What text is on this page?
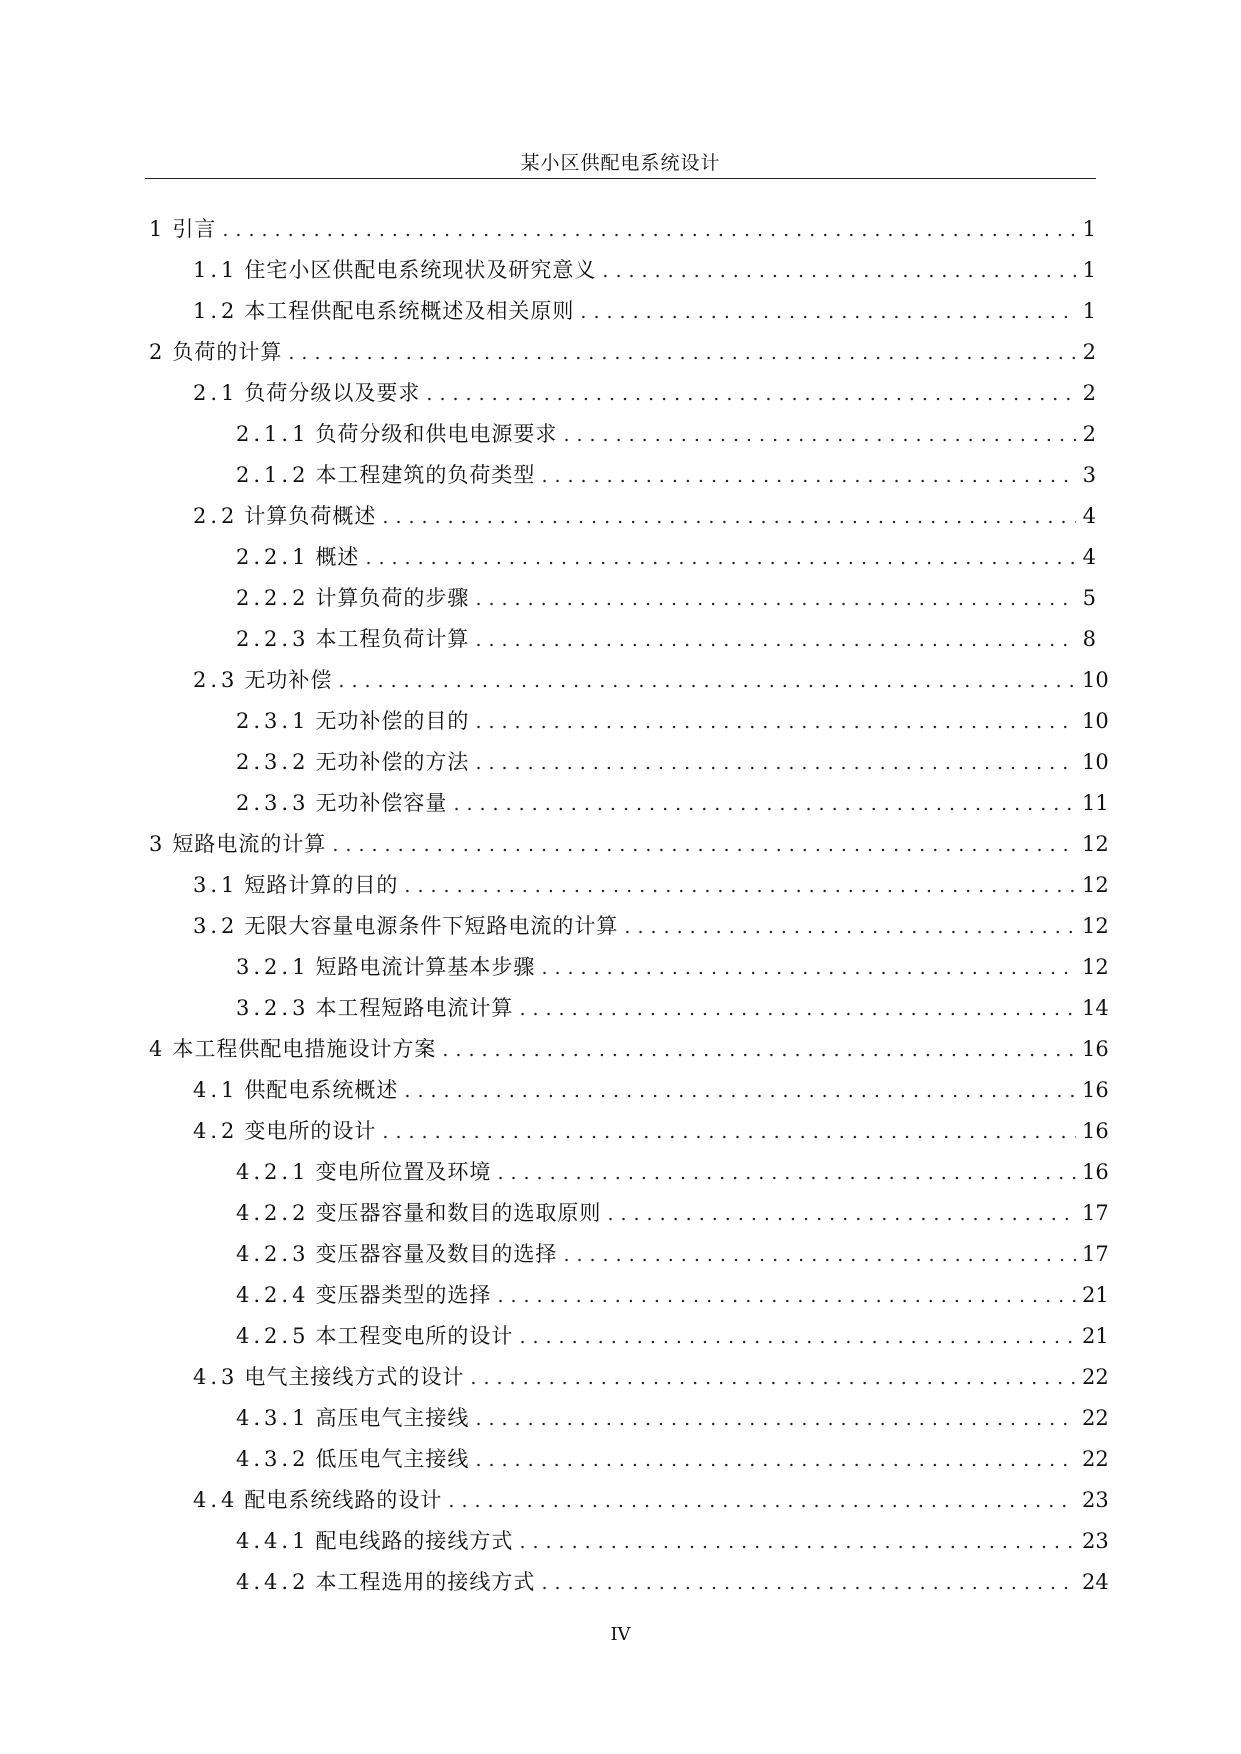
某小区供配电系统设计
1 引言 .....	1
1.1 住宅小区供配电系统现状及研究意义 .....	1
1.2 本工程供配电系统概述及相关原则 .....	1
2 负荷的计算 .....	2
2.1 负荷分级以及要求 .....	2
2.1.1 负荷分级和供电电源要求 .....	2
2.1.2 本工程建筑的负荷类型 .....	3
2.2 计算负荷概述 .....	4
2.2.1 概述 .....	4
2.2.2 计算负荷的步骤 .....	5
2.2.3 本工程负荷计算 .....	8
2.3 无功补偿 .....	10
2.3.1 无功补偿的目的 .....	10
2.3.2 无功补偿的方法 .....	10
2.3.3 无功补偿容量 .....	11
3 短路电流的计算 .....	12
3.1 短路计算的目的 .....	12
3.2 无限大容量电源条件下短路电流的计算 .....	12
3.2.1 短路电流计算基本步骤 .....	12
3.2.3 本工程短路电流计算 .....	14
4 本工程供配电措施设计方案 .....	16
4.1 供配电系统概述 .....	16
4.2 变电所的设计 .....	16
4.2.1 变电所位置及环境 .....	16
4.2.2 变压器容量和数目的选取原则 .....	17
4.2.3 变压器容量及数目的选择 .....	17
4.2.4 变压器类型的选择 .....	21
4.2.5 本工程变电所的设计 .....	21
4.3 电气主接线方式的设计 .....	22
4.3.1 高压电气主接线 .....	22
4.3.2 低压电气主接线 .....	22
4.4 配电系统线路的设计 .....	23
4.4.1 配电线路的接线方式 .....	23
4.4.2 本工程选用的接线方式 .....	24
IV
